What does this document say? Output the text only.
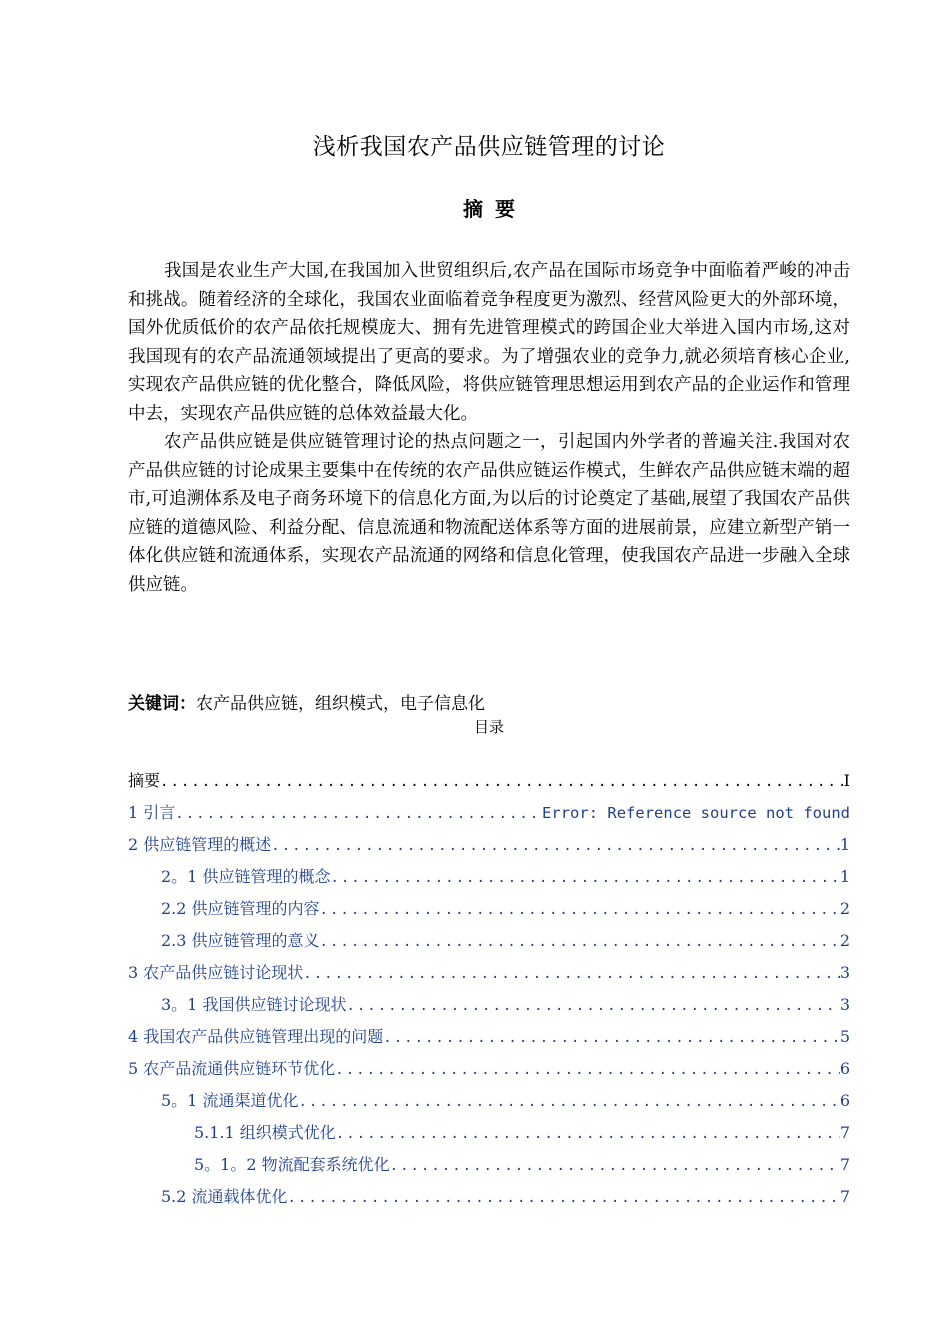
浅析我国农产品供应链管理的讨论
摘 要

我国是农业生产大国,在我国加入世贸组织后,农产品在国际市场竞争中面临着严峻的冲击和挑战。随着经济的全球化，我国农业面临着竞争程度更为激烈、经营风险更大的外部环境，国外优质低价的农产品依托规模庞大、拥有先进管理模式的跨国企业大举进入国内市场,这对我国现有的农产品流通领域提出了更高的要求。为了增强农业的竞争力,就必须培育核心企业,实现农产品供应链的优化整合，降低风险，将供应链管理思想运用到农产品的企业运作和管理中去，实现农产品供应链的总体效益最大化。

农产品供应链是供应链管理讨论的热点问题之一，引起国内外学者的普遍关注.我国对农产品供应链的讨论成果主要集中在传统的农产品供应链运作模式，生鲜农产品供应链末端的超市,可追溯体系及电子商务环境下的信息化方面,为以后的讨论奠定了基础,展望了我国农产品供应链的道德风险、利益分配、信息流通和物流配送体系等方面的进展前景，应建立新型产销一体化供应链和流通体系，实现农产品流通的网络和信息化管理，使我国农产品进一步融入全球供应链。

关键词：农产品供应链，组织模式，电子信息化
目录
摘要 .....	I
1 引言 .....	Error: Reference source not found
2 供应链管理的概述 .....	1
2。1 供应链管理的概念 .....	1
2.2 供应链管理的内容 .....	2
2.3 供应链管理的意义 .....	2
3 农产品供应链讨论现状 .....	3
3。1 我国供应链讨论现状 .....	3
4 我国农产品供应链管理出现的问题 .....	5
5 农产品流通供应链环节优化 .....	6
5。1 流通渠道优化 .....	6
5.1.1 组织模式优化 .....	7
5。1。2 物流配套系统优化 .....	7
5.2 流通载体优化 .....	7
